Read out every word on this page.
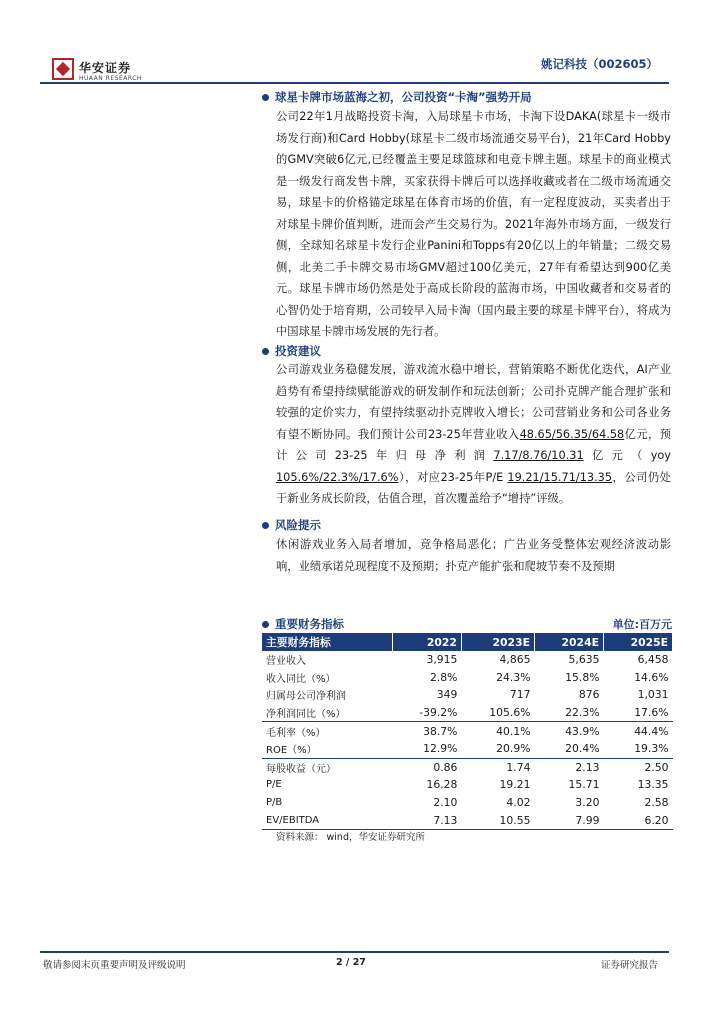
华安证券
HUAAN RESEARCH
姚记科技（002605）
球星卡牌市场蓝海之初，公司投资“卡淘”强势开局

公司22年1月战略投资卡淘，入局球星卡市场，卡淘下设DAKA(球星卡一级市场发行商)和Card Hobby(球星卡二级市场流通交易平台)，21年Card Hobby的GMV突破6亿元,已经覆盖主要足球篮球和电竞卡牌主题。球星卡的商业模式是一级发行商发售卡牌，买家获得卡牌后可以选择收藏或者在二级市场流通交易，球星卡的价格锚定球星在体育市场的价值，有一定程度波动，买卖者出于对球星卡牌价值判断，进而会产生交易行为。2021年海外市场方面，一级发行侧，全球知名球星卡发行企业Panini和Topps有20亿以上的年销量；二级交易侧，北美二手卡牌交易市场GMV超过100亿美元，27年有希望达到900亿美元。球星卡牌市场仍然是处于高成长阶段的蓝海市场，中国收藏者和交易者的心智仍处于培育期，公司较早入局卡淘（国内最主要的球星卡牌平台），将成为中国球星卡牌市场发展的先行者。

投资建议

公司游戏业务稳健发展，游戏流水稳中增长，营销策略不断优化迭代，AI产业趋势有希望持续赋能游戏的研发制作和玩法创新；公司扑克牌产能合理扩张和较强的定价实力，有望持续驱动扑克牌收入增长；公司营销业务和公司各业务有望不断协同。我们预计公司23-25年营业收入48.65/56.35/64.58亿元，预计公司23-25年归母净利润7.17/8.76/10.31亿元（yoy 105.6%/22.3%/17.6%），对应23-25年P/E 19.21/15.71/13.35，公司仍处于新业务成长阶段，估值合理，首次覆盖给予“增持”评级。

风险提示

休闲游戏业务入局者增加，竞争格局恶化；广告业务受整体宏观经济波动影响，业绩承诺兑现程度不及预期；扑克产能扩张和爬坡节奏不及预期

重要财务指标	单位:百万元
主要财务指标	2022	2023E	2024E	2025E
营业收入	3,915	4,865	5,635	6,458
收入同比（%）	2.8%	24.3%	15.8%	14.6%
归属母公司净利润	349	717	876	1,031
净利润同比（%）	-39.2%	105.6%	22.3%	17.6%
毛利率（%）	38.7%	40.1%	43.9%	44.4%
ROE（%）	12.9%	20.9%	20.4%	19.3%
每股收益（元）	0.86	1.74	2.13	2.50
P/E	16.28	19.21	15.71	13.35
P/B	2.10	4.02	3.20	2.58
EV/EBITDA	7.13	10.55	7.99	6.20
资料来源： wind，华安证券研究所
敬请参阅末页重要声明及评级说明	2 / 27	证券研究报告
